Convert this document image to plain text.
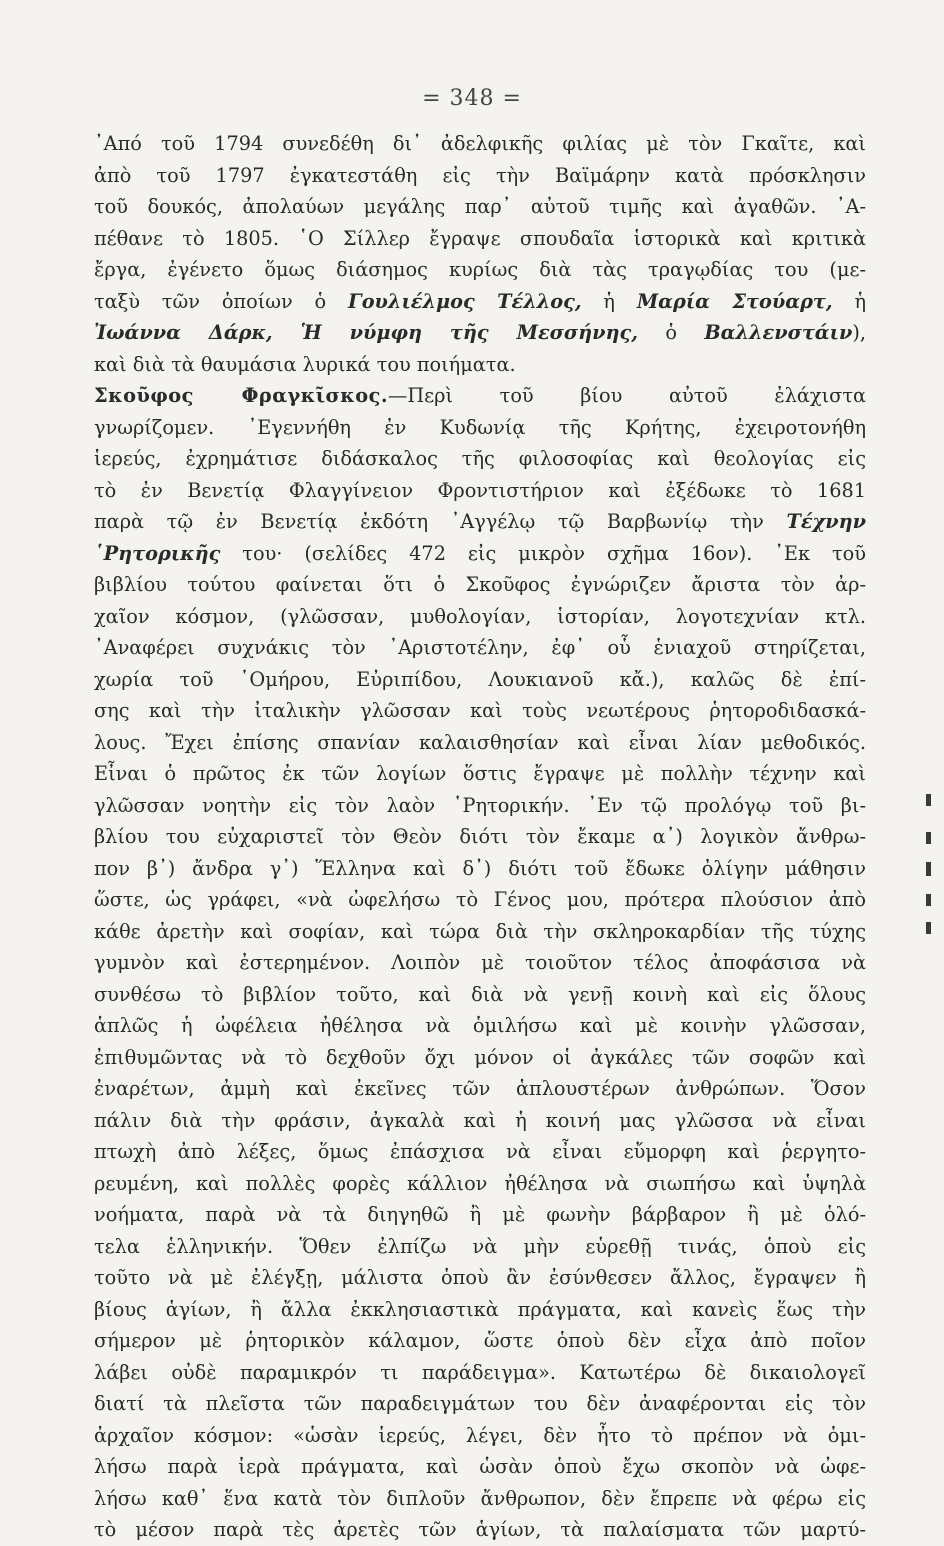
= 348 =
᾽Από τοῦ 1794 συνεδέθη δι᾽ ἀδελφικῆς φιλίας μὲ τὸν Γκαῖτε, καὶ
ἀπὸ τοῦ 1797 ἐγκατεστάθη εἰς τὴν Βαϊμάρην κατὰ πρόσκλησιν
τοῦ δουκός, ἀπολαύων μεγάλης παρ᾽ αὐτοῦ τιμῆς καὶ ἀγαθῶν. ᾽Α-
πέθανε τὸ 1805. ῾Ο Σίλλερ ἔγραψε σπουδαῖα ἱστορικὰ καὶ κριτικὰ
ἔργα, ἐγένετο ὅμως διάσημος κυρίως διὰ τὰς τραγῳδίας του (με-
ταξὺ τῶν ὁποίων ὁ Γουλιέλμος Τέλλος, ἡ Μαρία Στούαρτ, ἡ
Ἰωάννα Δάρκ, Ἡ νύμφη τῆς Μεσσήνης, ὁ Βαλλενστάιν),
καὶ διὰ τὰ θαυμάσια λυρικά του ποιήματα.
Σκοῦφος Φραγκῖσκος.—Περὶ τοῦ βίου αὐτοῦ ἐλάχιστα
γνωρίζομεν. ᾽Εγεννήθη ἐν Κυδωνίᾳ τῆς Κρήτης, ἐχειροτονήθη
ἱερεύς, ἐχρημάτισε διδάσκαλος τῆς φιλοσοφίας καὶ θεολογίας εἰς
τὸ ἐν Βενετίᾳ Φλαγγίνειον Φροντιστήριον καὶ ἐξέδωκε τὸ 1681
παρὰ τῷ ἐν Βενετίᾳ ἐκδότη ᾽Αγγέλῳ τῷ Βαρβωνίῳ τὴν Τέχνην
῾Ρητορικῆς του· (σελίδες 472 εἰς μικρὸν σχῆμα 16ον). ᾽Εκ τοῦ
βιβλίου τούτου φαίνεται ὅτι ὁ Σκοῦφος ἐγνώριζεν ἄριστα τὸν ἀρ-
χαῖον κόσμον, (γλῶσσαν, μυθολογίαν, ἱστορίαν, λογοτεχνίαν κτλ.
᾽Αναφέρει συχνάκις τὸν ᾽Αριστοτέλην, ἐφ᾽ οὗ ἑνιαχοῦ στηρίζεται,
χωρία τοῦ ῾Ομήρου, Εὐριπίδου, Λουκιανοῦ κἄ.), καλῶς δὲ ἐπί-
σης καὶ τὴν ἰταλικὴν γλῶσσαν καὶ τοὺς νεωτέρους ῥητοροδιδασκά-
λους. Ἔχει ἐπίσης σπανίαν καλαισθησίαν καὶ εἶναι λίαν μεθοδικός.
Εἶναι ὁ πρῶτος ἐκ τῶν λογίων ὅστις ἔγραψε μὲ πολλὴν τέχνην καὶ
γλῶσσαν νοητὴν εἰς τὸν λαὸν ῾Ρητορικήν. ᾽Εν τῷ προλόγῳ τοῦ βι-
βλίου του εὐχαριστεῖ τὸν Θεὸν διότι τὸν ἔκαμε α᾽) λογικὸν ἄνθρω-
πον β᾽) ἄνδρα γ᾽) Ἕλληνα καὶ δ᾽) διότι τοῦ ἔδωκε ὀλίγην μάθησιν
ὥστε, ὡς γράφει, «νὰ ὠφελήσω τὸ Γένος μου, πρότερα πλούσιον ἀπὸ
κάθε ἀρετὴν καὶ σοφίαν, καὶ τώρα διὰ τὴν σκληροκαρδίαν τῆς τύχης
γυμνὸν καὶ ἐστερημένον. Λοιπὸν μὲ τοιοῦτον τέλος ἀποφάσισα νὰ
συνθέσω τὸ βιβλίον τοῦτο, καὶ διὰ νὰ γενῇ κοινὴ καὶ εἰς ὅλους
ἁπλῶς ἡ ὠφέλεια ἠθέλησα νὰ ὁμιλήσω καὶ μὲ κοινὴν γλῶσσαν,
ἐπιθυμῶντας νὰ τὸ δεχθοῦν ὄχι μόνον οἱ ἀγκάλες τῶν σοφῶν καὶ
ἐναρέτων, ἀμμὴ καὶ ἐκεῖνες τῶν ἁπλουστέρων ἀνθρώπων. Ὅσον
πάλιν διὰ τὴν φράσιν, ἀγκαλὰ καὶ ἡ κοινή μας γλῶσσα νὰ εἶναι
πτωχὴ ἀπὸ λέξες, ὅμως ἐπάσχισα νὰ εἶναι εὔμορφη καὶ ῥεργητο-
ρευμένη, καὶ πολλὲς φορὲς κάλλιον ἠθέλησα νὰ σιωπήσω καὶ ὑψηλὰ
νοήματα, παρὰ νὰ τὰ διηγηθῶ ἢ μὲ φωνὴν βάρβαρον ἢ μὲ ὁλό-
τελα ἑλληνικήν. Ὅθεν ἐλπίζω νὰ μὴν εὑρεθῇ τινάς, ὁποὺ εἰς
τοῦτο νὰ μὲ ἐλέγξῃ, μάλιστα ὁποὺ ἂν ἐσύνθεσεν ἄλλος, ἔγραψεν ἢ
βίους ἁγίων, ἢ ἄλλα ἐκκλησιαστικὰ πράγματα, καὶ κανεὶς ἕως τὴν
σήμερον μὲ ῥητορικὸν κάλαμον, ὥστε ὁποὺ δὲν εἶχα ἀπὸ ποῖον
λάβει οὐδὲ παραμικρόν τι παράδειγμα». Κατωτέρω δὲ δικαιολογεῖ
διατί τὰ πλεῖστα τῶν παραδειγμάτων του δὲν ἀναφέρονται εἰς τὸν
ἀρχαῖον κόσμον: «ὡσὰν ἱερεύς, λέγει, δὲν ἦτο τὸ πρέπον νὰ ὁμι-
λήσω παρὰ ἱερὰ πράγματα, καὶ ὡσὰν ὁποὺ ἔχω σκοπὸν νὰ ὠφε-
λήσω καθ᾽ ἕνα κατὰ τὸν διπλοῦν ἄνθρωπον, δὲν ἔπρεπε νὰ φέρω εἰς
τὸ μέσον παρὰ τὲς ἀρετὲς τῶν ἁγίων, τὰ παλαίσματα τῶν μαρτύ-
